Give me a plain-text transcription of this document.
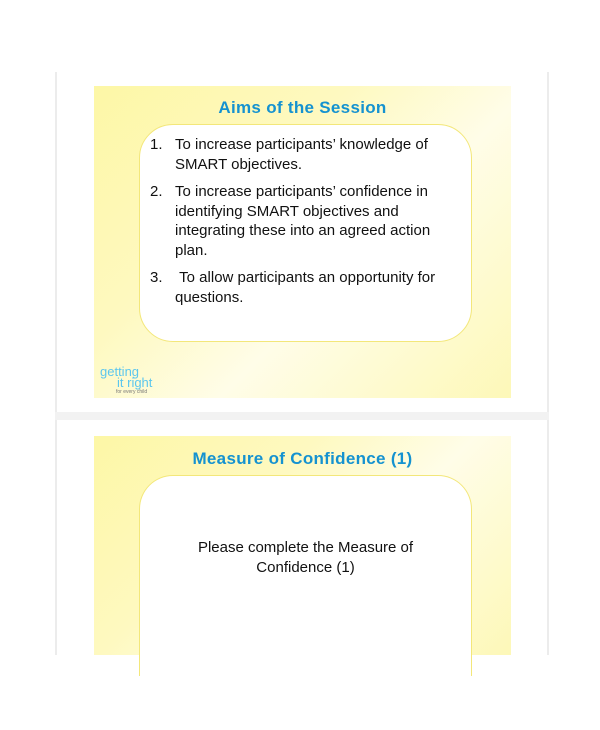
Aims of the Session
1. To increase participants’ knowledge of SMART objectives.
2. To increase participants’ confidence in identifying SMART objectives and integrating these into an agreed action plan.
3. To allow participants an opportunity for questions.
getting
it right
for every child
Measure of Confidence (1)
Please complete the Measure of Confidence (1)
